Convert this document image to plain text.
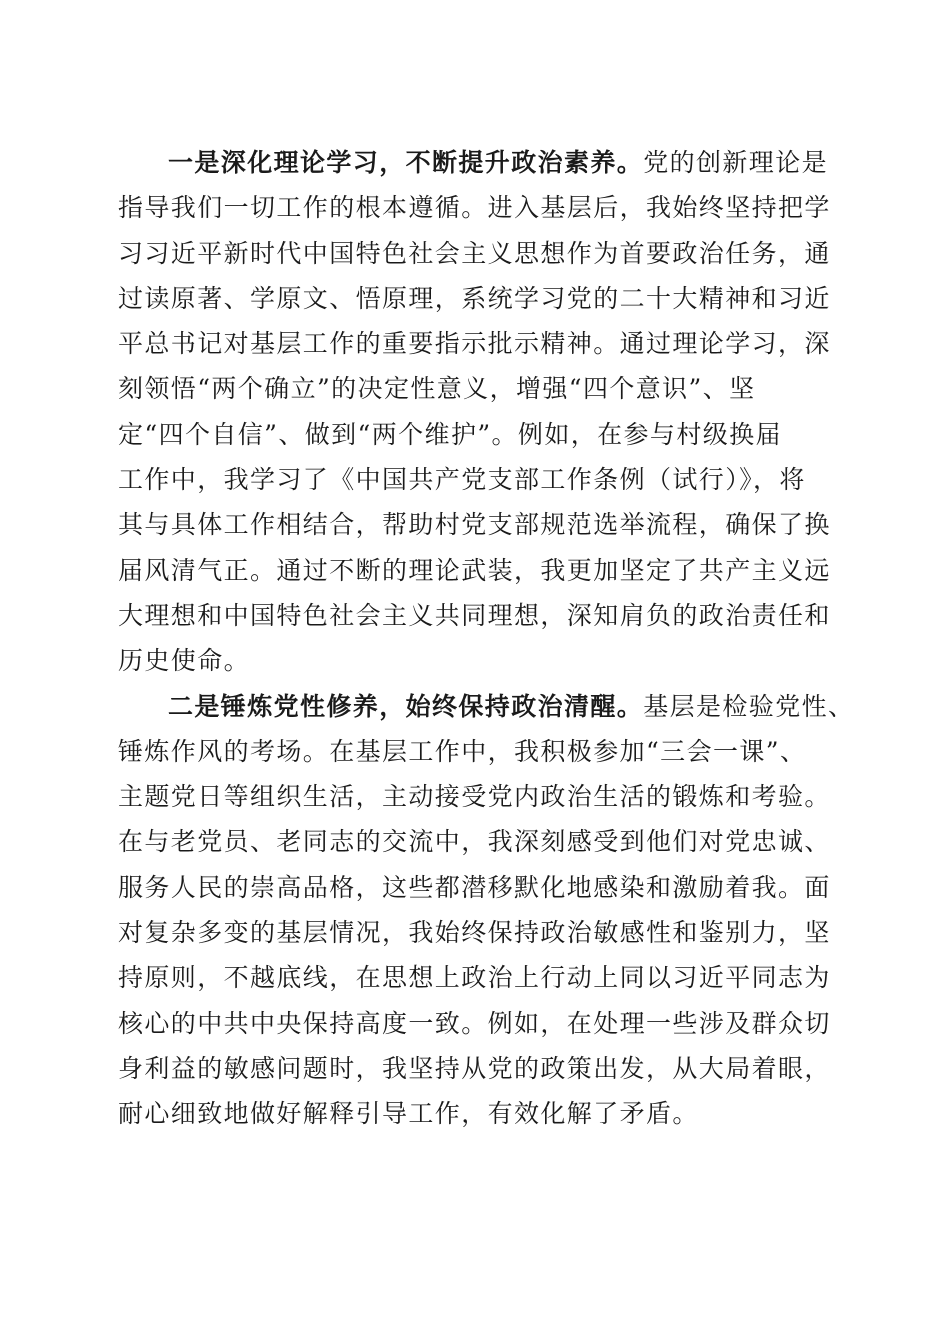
一是深化理论学习，不断提升政治素养。党的创新理论是
指导我们一切工作的根本遵循。进入基层后，我始终坚持把学
习习近平新时代中国特色社会主义思想作为首要政治任务，通
过读原著、学原文、悟原理，系统学习党的二十大精神和习近
平总书记对基层工作的重要指示批示精神。通过理论学习，深
刻领悟“两个确立”的决定性意义，增强“四个意识”、坚
定“四个自信”、做到“两个维护”。例如，在参与村级换届
工作中，我学习了《中国共产党支部工作条例（试行）》，将
其与具体工作相结合，帮助村党支部规范选举流程，确保了换
届风清气正。通过不断的理论武装，我更加坚定了共产主义远
大理想和中国特色社会主义共同理想，深知肩负的政治责任和
历史使命。
二是锤炼党性修养，始终保持政治清醒。基层是检验党性、
锤炼作风的考场。在基层工作中，我积极参加“三会一课”、
主题党日等组织生活，主动接受党内政治生活的锻炼和考验。
在与老党员、老同志的交流中，我深刻感受到他们对党忠诚、
服务人民的崇高品格，这些都潜移默化地感染和激励着我。面
对复杂多变的基层情况，我始终保持政治敏感性和鉴别力，坚
持原则，不越底线，在思想上政治上行动上同以习近平同志为
核心的中共中央保持高度一致。例如，在处理一些涉及群众切
身利益的敏感问题时，我坚持从党的政策出发，从大局着眼，
耐心细致地做好解释引导工作，有效化解了矛盾。
